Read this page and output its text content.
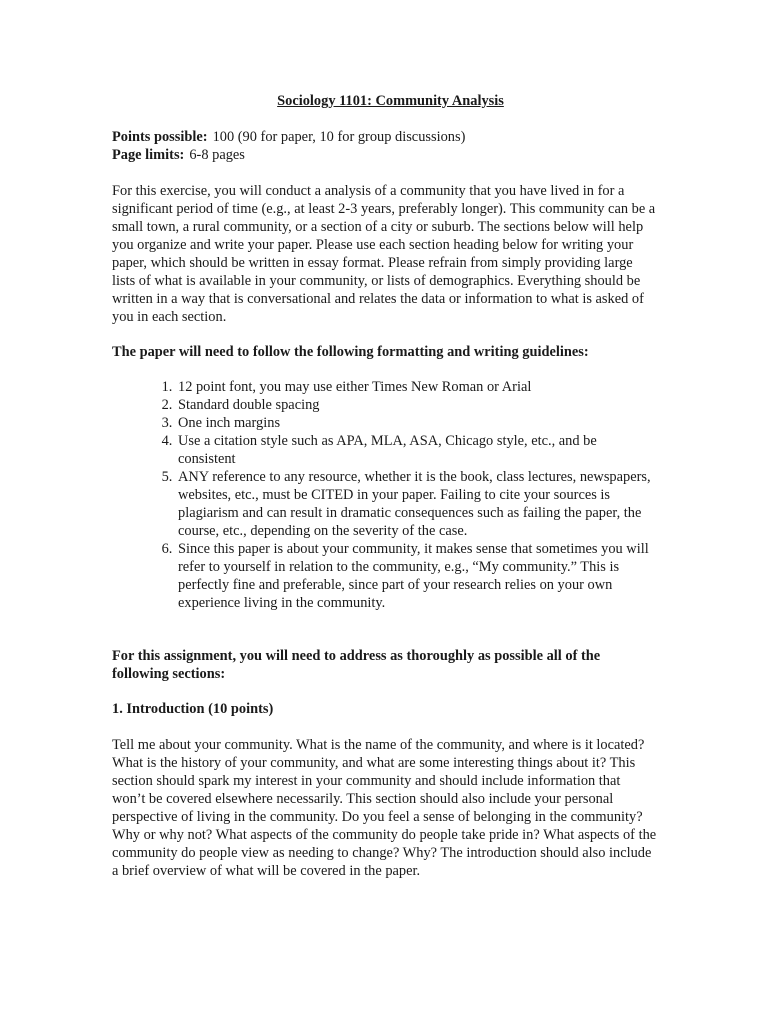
Sociology 1101: Community Analysis

Points possible: 100 (90 for paper, 10 for group discussions)

Page limits: 6-8 pages

For this exercise, you will conduct a analysis of a community that you have lived in for a significant period of time (e.g., at least 2-3 years, preferably longer). This community can be a small town, a rural community, or a section of a city or suburb. The sections below will help you organize and write your paper. Please use each section heading below for writing your paper, which should be written in essay format. Please refrain from simply providing large lists of what is available in your community, or lists of demographics. Everything should be written in a way that is conversational and relates the data or information to what is asked of you in each section.

The paper will need to follow the following formatting and writing guidelines:

1. 12 point font, you may use either Times New Roman or Arial
2. Standard double spacing
3. One inch margins
4. Use a citation style such as APA, MLA, ASA, Chicago style, etc., and be consistent
5. ANY reference to any resource, whether it is the book, class lectures, newspapers, websites, etc., must be CITED in your paper. Failing to cite your sources is plagiarism and can result in dramatic consequences such as failing the paper, the course, etc., depending on the severity of the case.
6. Since this paper is about your community, it makes sense that sometimes you will refer to yourself in relation to the community, e.g., “My community.” This is perfectly fine and preferable, since part of your research relies on your own experience living in the community.

For this assignment, you will need to address as thoroughly as possible all of the following sections:

1. Introduction (10 points)

Tell me about your community. What is the name of the community, and where is it located? What is the history of your community, and what are some interesting things about it? This section should spark my interest in your community and should include information that won’t be covered elsewhere necessarily. This section should also include your personal perspective of living in the community. Do you feel a sense of belonging in the community? Why or why not? What aspects of the community do people take pride in? What aspects of the community do people view as needing to change? Why? The introduction should also include a brief overview of what will be covered in the paper.
